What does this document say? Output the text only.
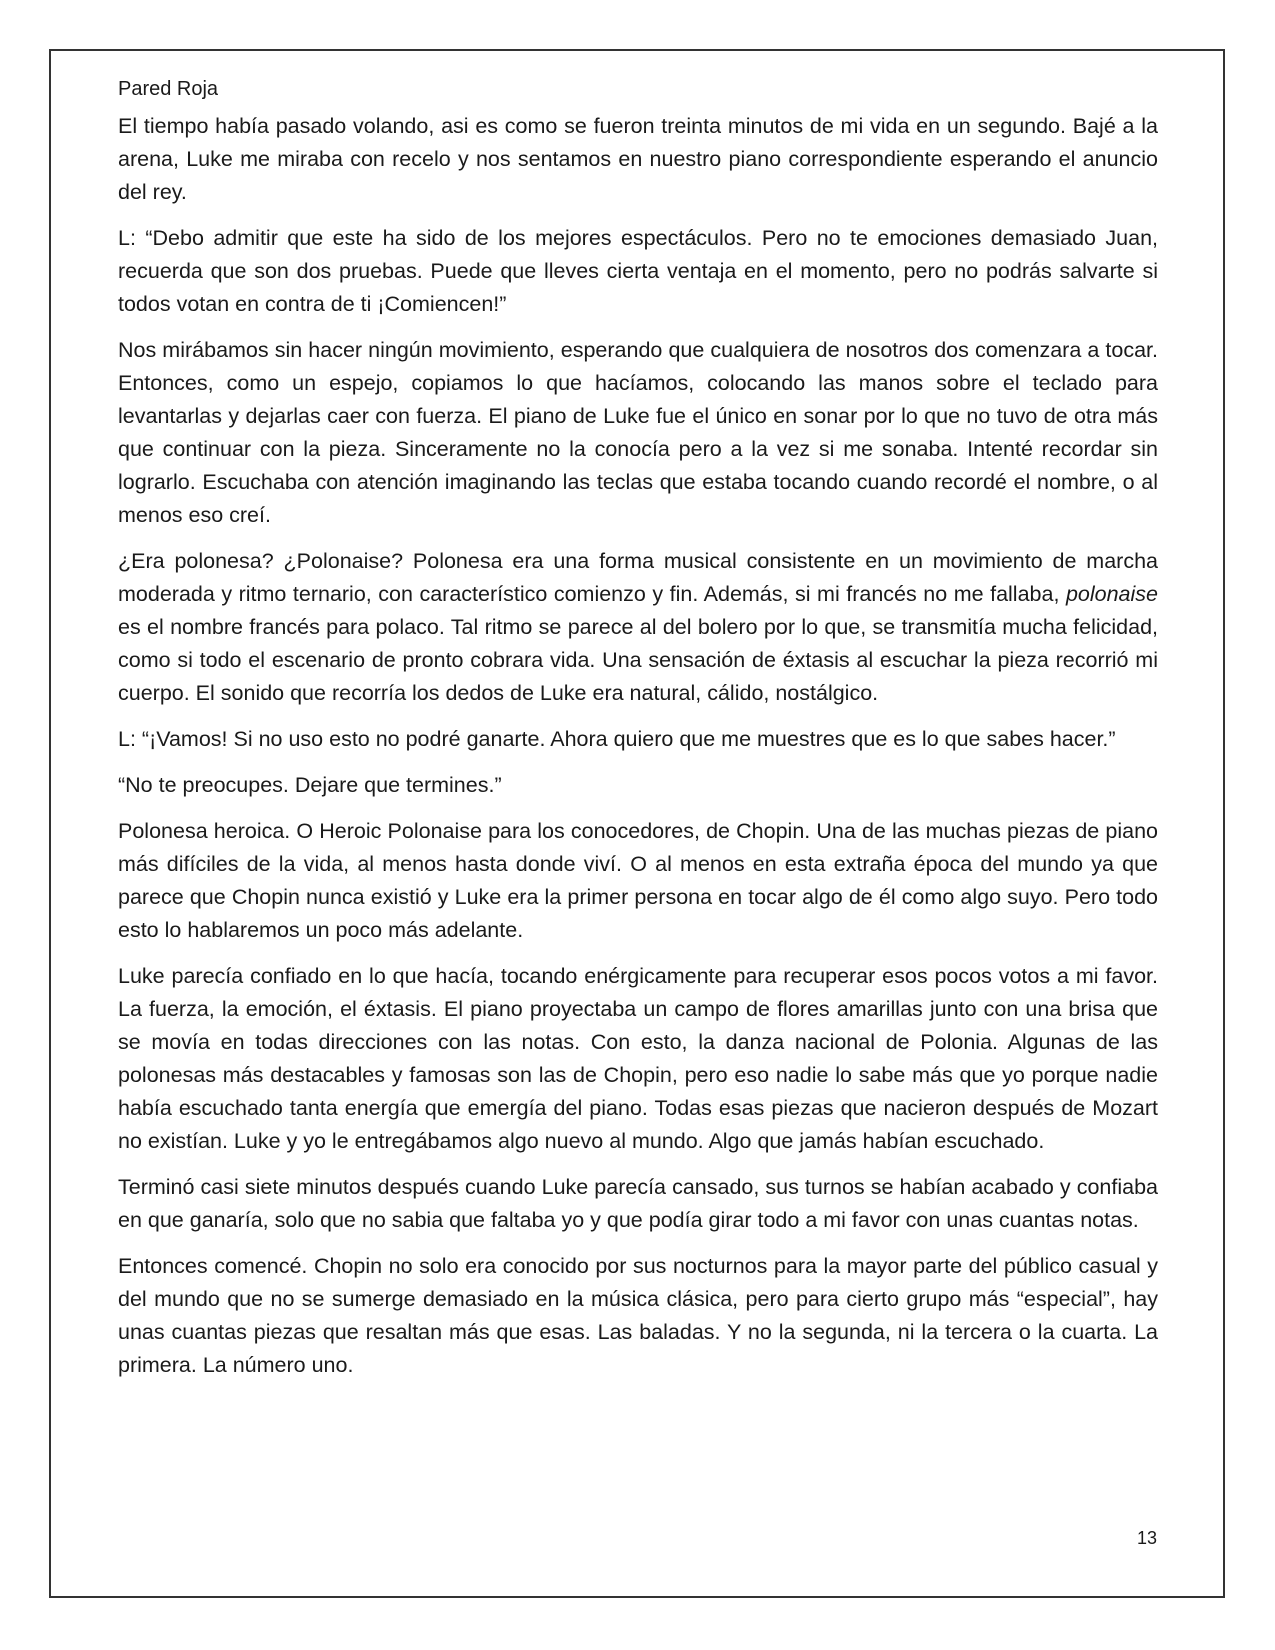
Pared Roja

El tiempo había pasado volando, asi es como se fueron treinta minutos de mi vida en un segundo. Bajé a la arena, Luke me miraba con recelo y nos sentamos en nuestro piano correspondiente esperando el anuncio del rey.

L: “Debo admitir que este ha sido de los mejores espectáculos. Pero no te emociones demasiado Juan, recuerda que son dos pruebas. Puede que lleves cierta ventaja en el momento, pero no podrás salvarte si todos votan en contra de ti ¡Comiencen!”

Nos mirábamos sin hacer ningún movimiento, esperando que cualquiera de nosotros dos comenzara a tocar. Entonces, como un espejo, copiamos lo que hacíamos, colocando las manos sobre el teclado para levantarlas y dejarlas caer con fuerza. El piano de Luke fue el único en sonar por lo que no tuvo de otra más que continuar con la pieza. Sinceramente no la conocía pero a la vez si me sonaba. Intenté recordar sin lograrlo. Escuchaba con atención imaginando las teclas que estaba tocando cuando recordé el nombre, o al menos eso creí.

¿Era polonesa? ¿Polonaise? Polonesa era una forma musical consistente en un movimiento de marcha moderada y ritmo ternario, con característico comienzo y fin. Además, si mi francés no me fallaba, polonaise es el nombre francés para polaco. Tal ritmo se parece al del bolero por lo que, se transmitía mucha felicidad, como si todo el escenario de pronto cobrara vida. Una sensación de éxtasis al escuchar la pieza recorrió mi cuerpo. El sonido que recorría los dedos de Luke era natural, cálido, nostálgico.

L: “¡Vamos! Si no uso esto no podré ganarte. Ahora quiero que me muestres que es lo que sabes hacer.”

“No te preocupes. Dejare que termines.”

Polonesa heroica. O Heroic Polonaise para los conocedores, de Chopin. Una de las muchas piezas de piano más difíciles de la vida, al menos hasta donde viví. O al menos en esta extraña época del mundo ya que parece que Chopin nunca existió y Luke era la primer persona en tocar algo de él como algo suyo. Pero todo esto lo hablaremos un poco más adelante.

Luke parecía confiado en lo que hacía, tocando enérgicamente para recuperar esos pocos votos a mi favor. La fuerza, la emoción, el éxtasis. El piano proyectaba un campo de flores amarillas junto con una brisa que se movía en todas direcciones con las notas. Con esto, la danza nacional de Polonia. Algunas de las polonesas más destacables y famosas son las de Chopin, pero eso nadie lo sabe más que yo porque nadie había escuchado tanta energía que emergía del piano. Todas esas piezas que nacieron después de Mozart no existían. Luke y yo le entregábamos algo nuevo al mundo. Algo que jamás habían escuchado.

Terminó casi siete minutos después cuando Luke parecía cansado, sus turnos se habían acabado y confiaba en que ganaría, solo que no sabia que faltaba yo y que podía girar todo a mi favor con unas cuantas notas.

Entonces comencé. Chopin no solo era conocido por sus nocturnos para la mayor parte del público casual y del mundo que no se sumerge demasiado en la música clásica, pero para cierto grupo más “especial”, hay unas cuantas piezas que resaltan más que esas. Las baladas. Y no la segunda, ni la tercera o la cuarta. La primera. La número uno.

13
